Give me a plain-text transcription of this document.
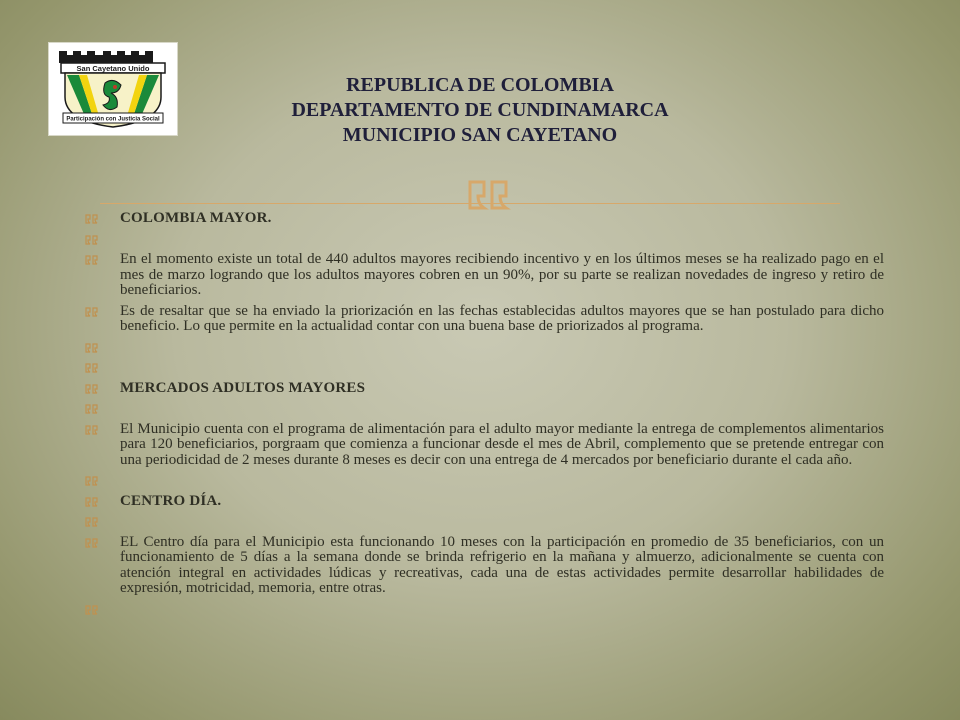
San Cayetano Unido
Participación con Justicia Social
REPUBLICA DE COLOMBIA
DEPARTAMENTO DE CUNDINAMARCA
MUNICIPIO SAN CAYETANO
COLOMBIA MAYOR.
En el momento existe un total de 440 adultos mayores recibiendo incentivo y en los últimos meses se ha realizado pago en el mes de marzo logrando que los adultos mayores cobren en un 90%, por su parte se realizan novedades de ingreso y retiro de beneficiarios.
Es de resaltar que se ha enviado la priorización en las fechas establecidas adultos mayores que se han postulado para dicho beneficio. Lo que permite en la actualidad contar con una buena base de priorizados al programa.
MERCADOS ADULTOS MAYORES
El Municipio cuenta con el programa de alimentación para el adulto mayor mediante la entrega de complementos alimentarios para 120 beneficiarios, porgraam que comienza a funcionar desde el mes de Abril, complemento que se pretende entregar con una periodicidad de 2 meses durante 8 meses es decir con una entrega de 4 mercados por beneficiario durante el cada año.
CENTRO DÍA.
EL Centro día para el Municipio esta funcionando 10 meses con la participación en promedio de 35 beneficiarios, con un funcionamiento de 5 días a la semana donde se brinda refrigerio en la mañana y almuerzo, adicionalmente se cuenta con atención integral en actividades lúdicas y recreativas, cada una de estas actividades permite desarrollar habilidades de expresión, motricidad, memoria, entre otras.
